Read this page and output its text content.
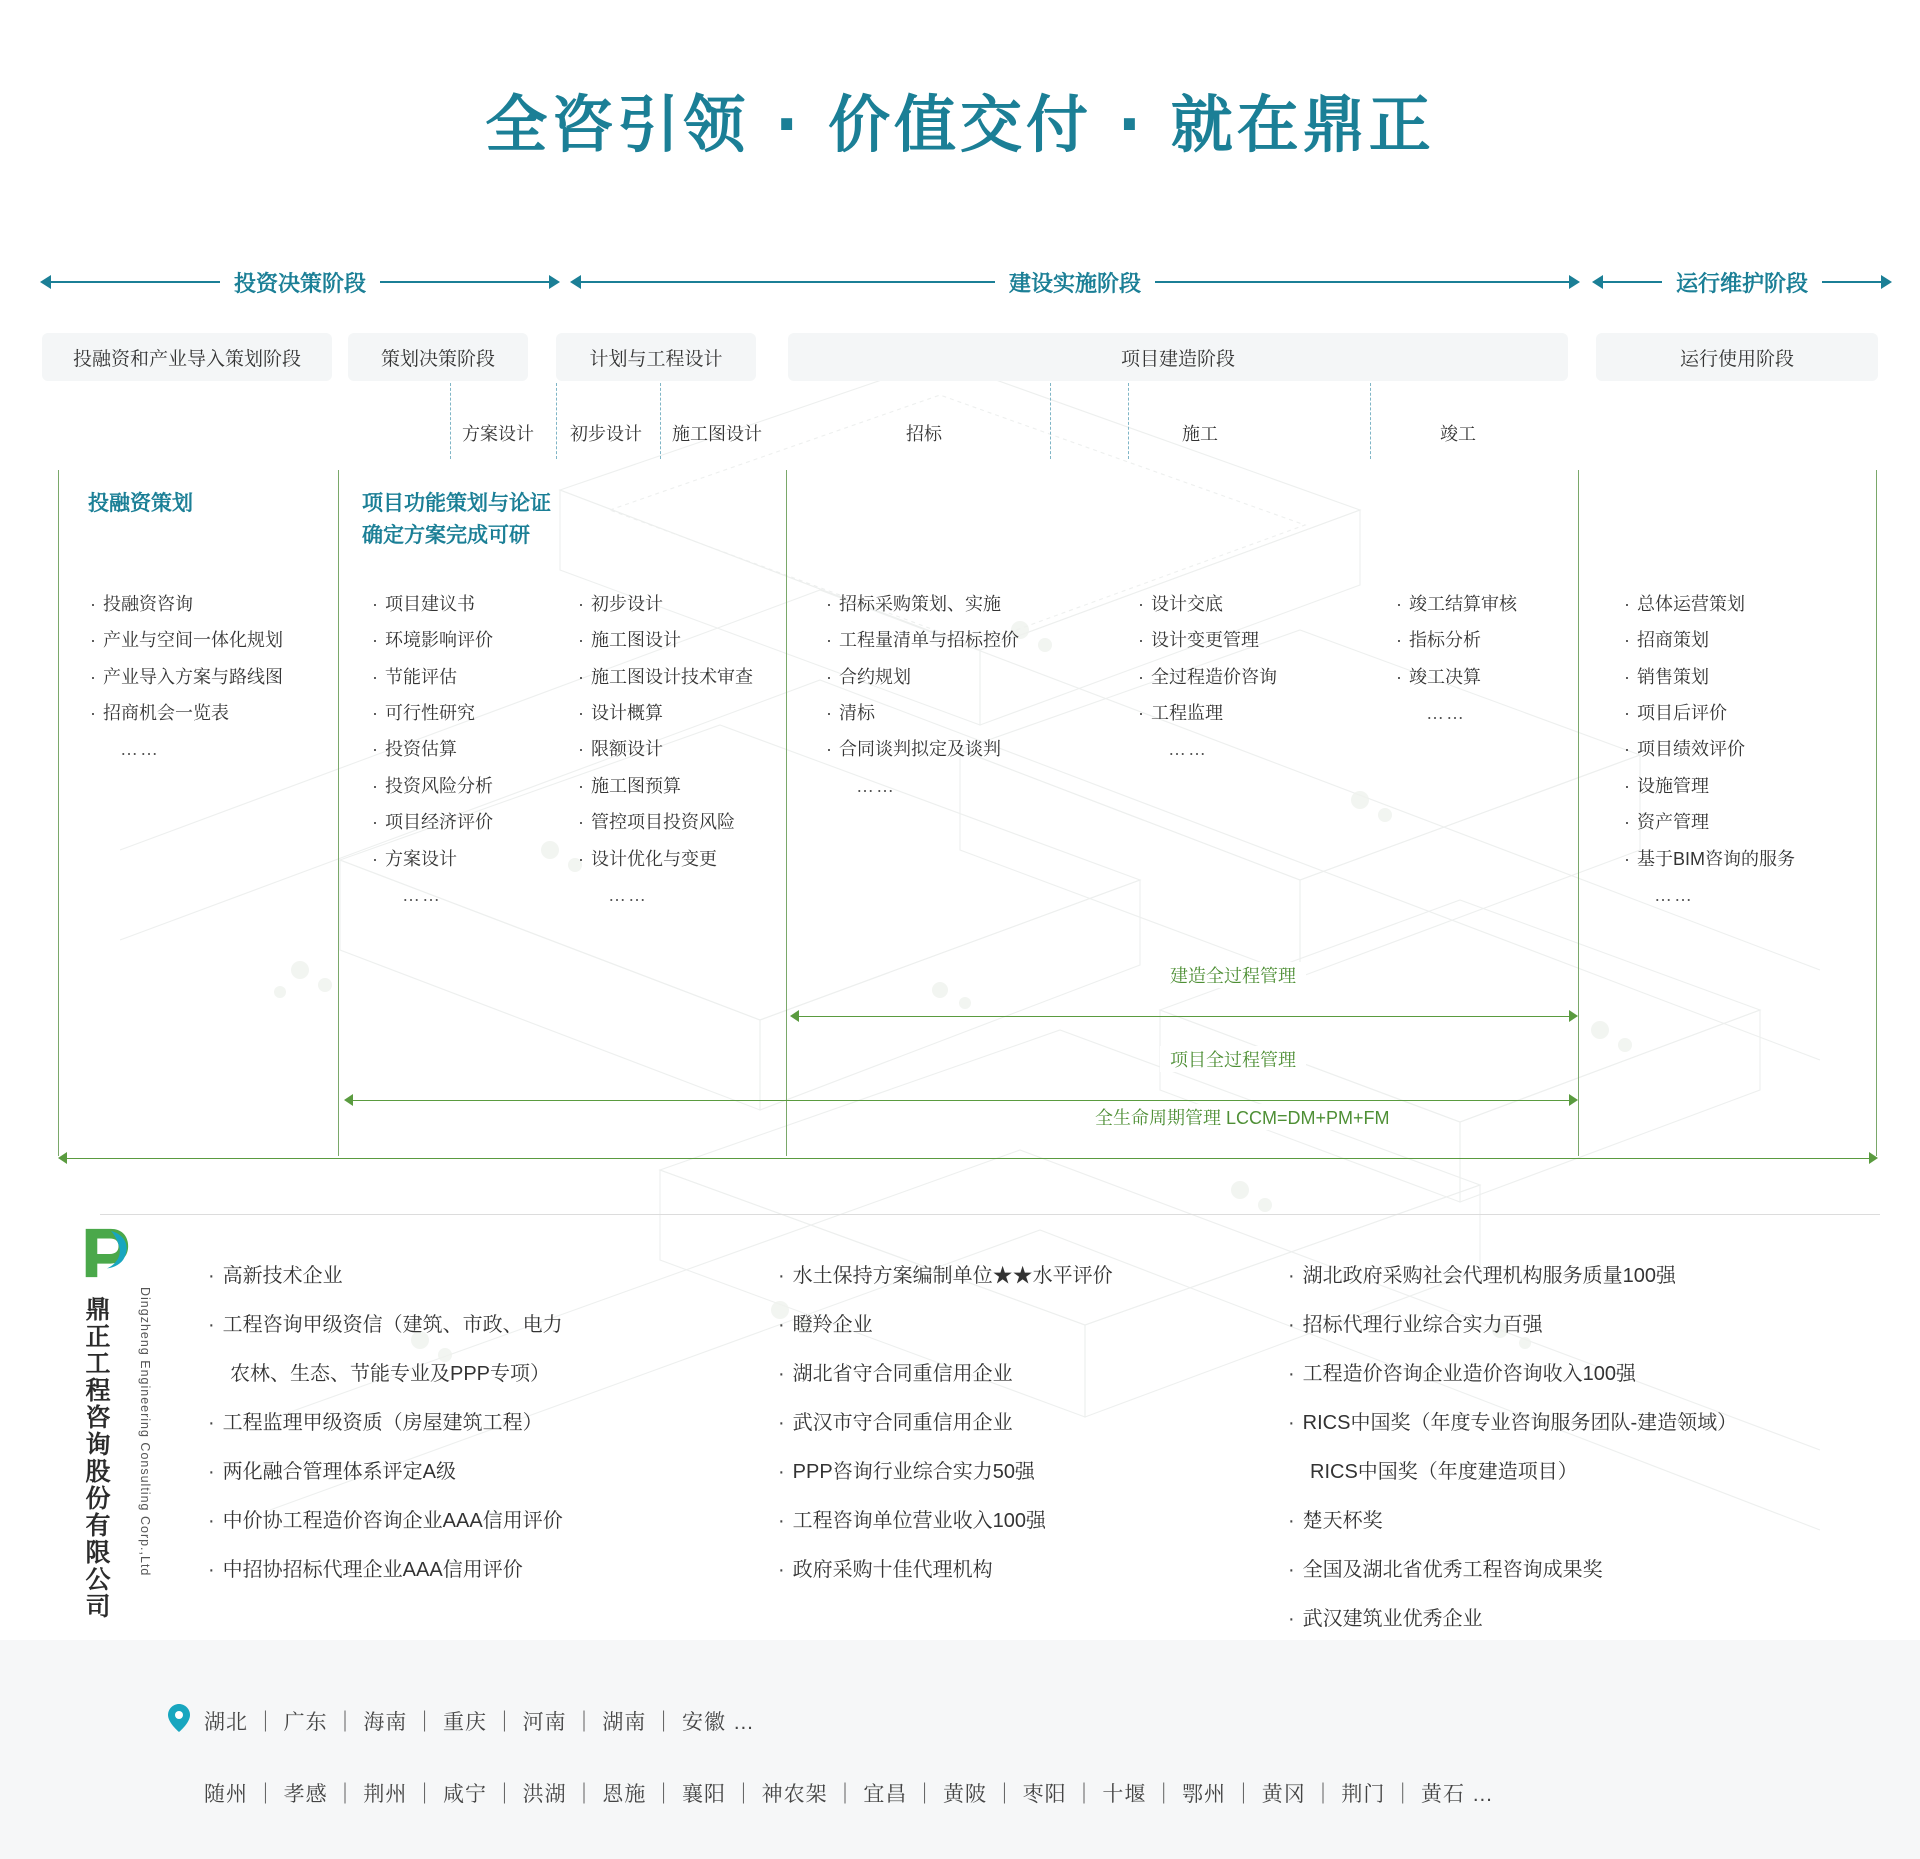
全咨引领 · 价值交付 · 就在鼎正
投资决策阶段	建设实施阶段	运行维护阶段
投融资和产业导入策划阶段	策划决策阶段	计划与工程设计	项目建造阶段	运行使用阶段
方案设计 初步设计 施工图设计	招标	施工	竣工
投融资策划	项目功能策划与论证
确定方案完成可研
· 投融资咨询
· 产业与空间一体化规划
· 产业导入方案与路线图
· 招商机会一览表
……
· 项目建议书
· 环境影响评价
· 节能评估
· 可行性研究
· 投资估算
· 投资风险分析
· 项目经济评价
· 方案设计
……
· 初步设计
· 施工图设计
· 施工图设计技术审查
· 设计概算
· 限额设计
· 施工图预算
· 管控项目投资风险
· 设计优化与变更
……
· 招标采购策划、实施
· 工程量清单与招标控价
· 合约规划
· 清标
· 合同谈判拟定及谈判
……
· 设计交底
· 设计变更管理
· 全过程造价咨询
· 工程监理
……
· 竣工结算审核
· 指标分析
· 竣工决算
……
· 总体运营策划
· 招商策划
· 销售策划
· 项目后评价
· 项目绩效评价
· 设施管理
· 资产管理
· 基于BIM咨询的服务
……
建造全过程管理
项目全过程管理
全生命周期管理 LCCM=DM+PM+FM
鼎正工程咨询股份有限公司 Dingzheng Engineering Consulting Corp.,Ltd
· 高新技术企业
· 工程咨询甲级资信（建筑、市政、电力
农林、生态、节能专业及PPP专项）
· 工程监理甲级资质（房屋建筑工程）
· 两化融合管理体系评定A级
· 中价协工程造价咨询企业AAA信用评价
· 中招协招标代理企业AAA信用评价
· 水土保持方案编制单位★★水平评价
· 瞪羚企业
· 湖北省守合同重信用企业
· 武汉市守合同重信用企业
· PPP咨询行业综合实力50强
· 工程咨询单位营业收入100强
· 政府采购十佳代理机构
· 湖北政府采购社会代理机构服务质量100强
· 招标代理行业综合实力百强
· 工程造价咨询企业造价咨询收入100强
· RICS中国奖（年度专业咨询服务团队-建造领域）
RICS中国奖（年度建造项目）
· 楚天杯奖
· 全国及湖北省优秀工程咨询成果奖
· 武汉建筑业优秀企业
湖北 ｜ 广东 ｜ 海南 ｜ 重庆 ｜ 河南 ｜ 湖南 ｜ 安徽 …
随州 ｜ 孝感 ｜ 荆州 ｜ 咸宁 ｜ 洪湖 ｜ 恩施 ｜ 襄阳 ｜ 神农架 ｜ 宜昌 ｜ 黄陂 ｜ 枣阳 ｜ 十堰 ｜ 鄂州 ｜ 黄冈 ｜ 荆门 ｜ 黄石 …
